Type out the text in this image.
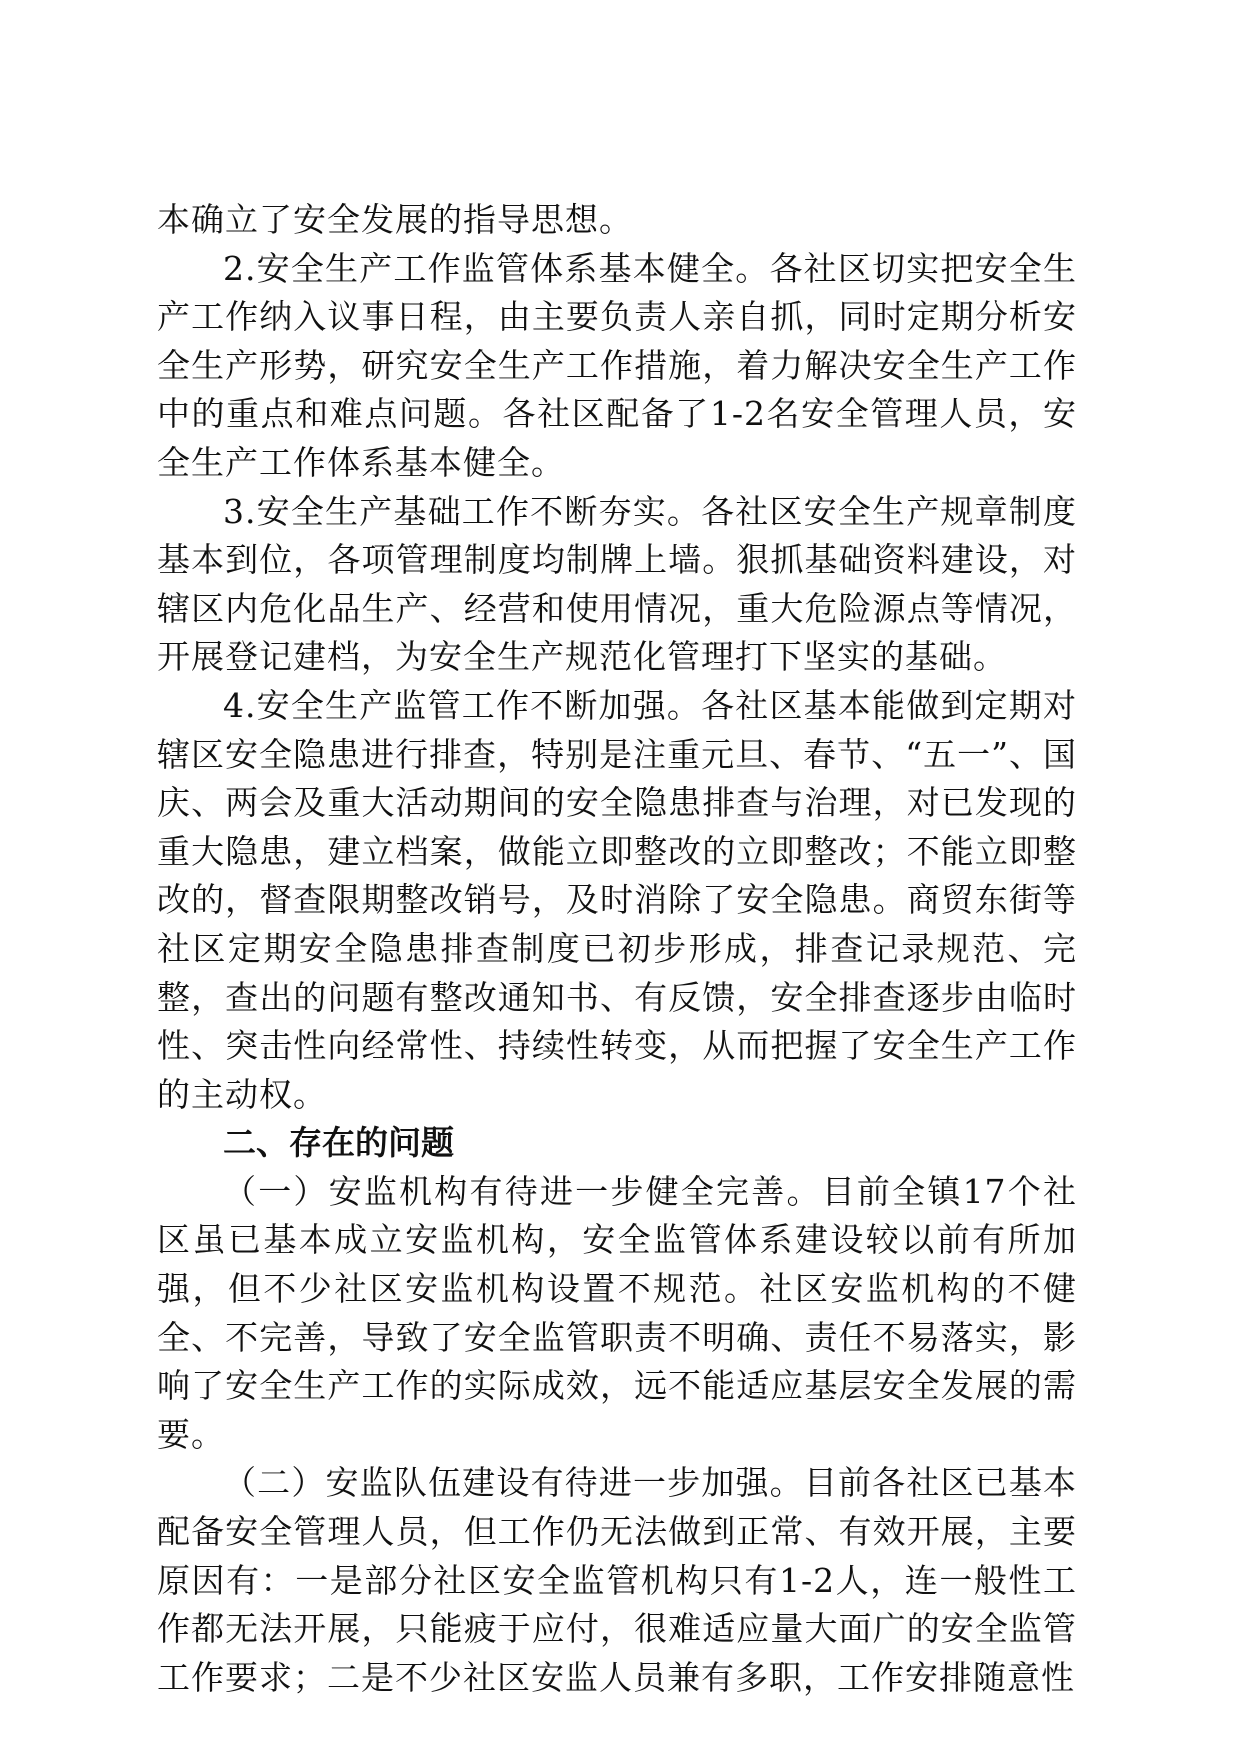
本确立了安全发展的指导思想。

2.安全生产工作监管体系基本健全。各社区切实把安全生产工作纳入议事日程，由主要负责人亲自抓，同时定期分析安全生产形势，研究安全生产工作措施，着力解决安全生产工作中的重点和难点问题。各社区配备了1-2名安全管理人员，安全生产工作体系基本健全。

3.安全生产基础工作不断夯实。各社区安全生产规章制度基本到位，各项管理制度均制牌上墙。狠抓基础资料建设，对辖区内危化品生产、经营和使用情况，重大危险源点等情况，开展登记建档，为安全生产规范化管理打下坚实的基础。

4.安全生产监管工作不断加强。各社区基本能做到定期对辖区安全隐患进行排查，特别是注重元旦、春节、“五一”、国庆、两会及重大活动期间的安全隐患排查与治理，对已发现的重大隐患，建立档案，做能立即整改的立即整改；不能立即整改的，督查限期整改销号，及时消除了安全隐患。商贸东街等社区定期安全隐患排查制度已初步形成，排查记录规范、完整，查出的问题有整改通知书、有反馈，安全排查逐步由临时性、突击性向经常性、持续性转变，从而把握了安全生产工作的主动权。

二、存在的问题

（一）安监机构有待进一步健全完善。目前全镇17个社区虽已基本成立安监机构，安全监管体系建设较以前有所加强，但不少社区安监机构设置不规范。社区安监机构的不健全、不完善，导致了安全监管职责不明确、责任不易落实，影响了安全生产工作的实际成效，远不能适应基层安全发展的需要。

（二）安监队伍建设有待进一步加强。目前各社区已基本配备安全管理人员，但工作仍无法做到正常、有效开展，主要原因有：一是部分社区安全监管机构只有1-2人，连一般性工作都无法开展，只能疲于应付，很难适应量大面广的安全监管工作要求；二是不少社区安监人员兼有多职，工作安排随意性
